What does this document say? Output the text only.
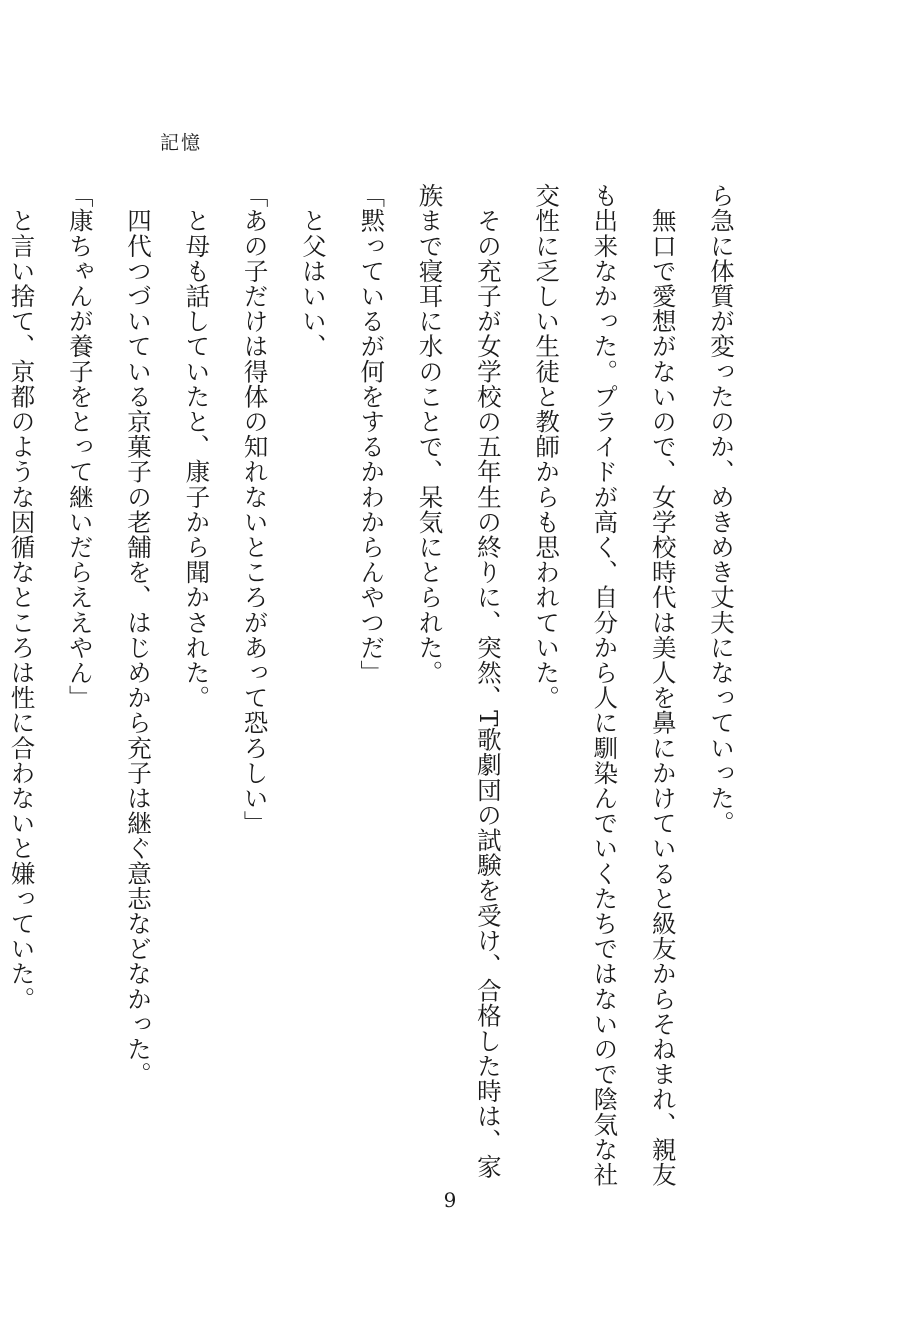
記憶
ら急に体質が変ったのか、めきめき丈夫になっていった。
　無口で愛想がないので、女学校時代は美人を鼻にかけていると級友からそねまれ、親友
も出来なかった。プライドが高く、自分から人に馴染んでいくたちではないので陰気な社
交性に乏しい生徒と教師からも思われていた。
　その充子が女学校の五年生の終りに、突然、T歌劇団の試験を受け、合格した時は、家
族まで寝耳に水のことで、呆気にとられた。
「黙っているが何をするかわからんやつだ」
　と父はいい、
「あの子だけは得体の知れないところがあって恐ろしい」
　と母も話していたと、康子から聞かされた。
　四代つづいている京菓子の老舗を、はじめから充子は継ぐ意志などなかった。
「康ちゃんが養子をとって継いだらええやん」
　と言い捨て、京都のような因循なところは性に合わないと嫌っていた。
9
